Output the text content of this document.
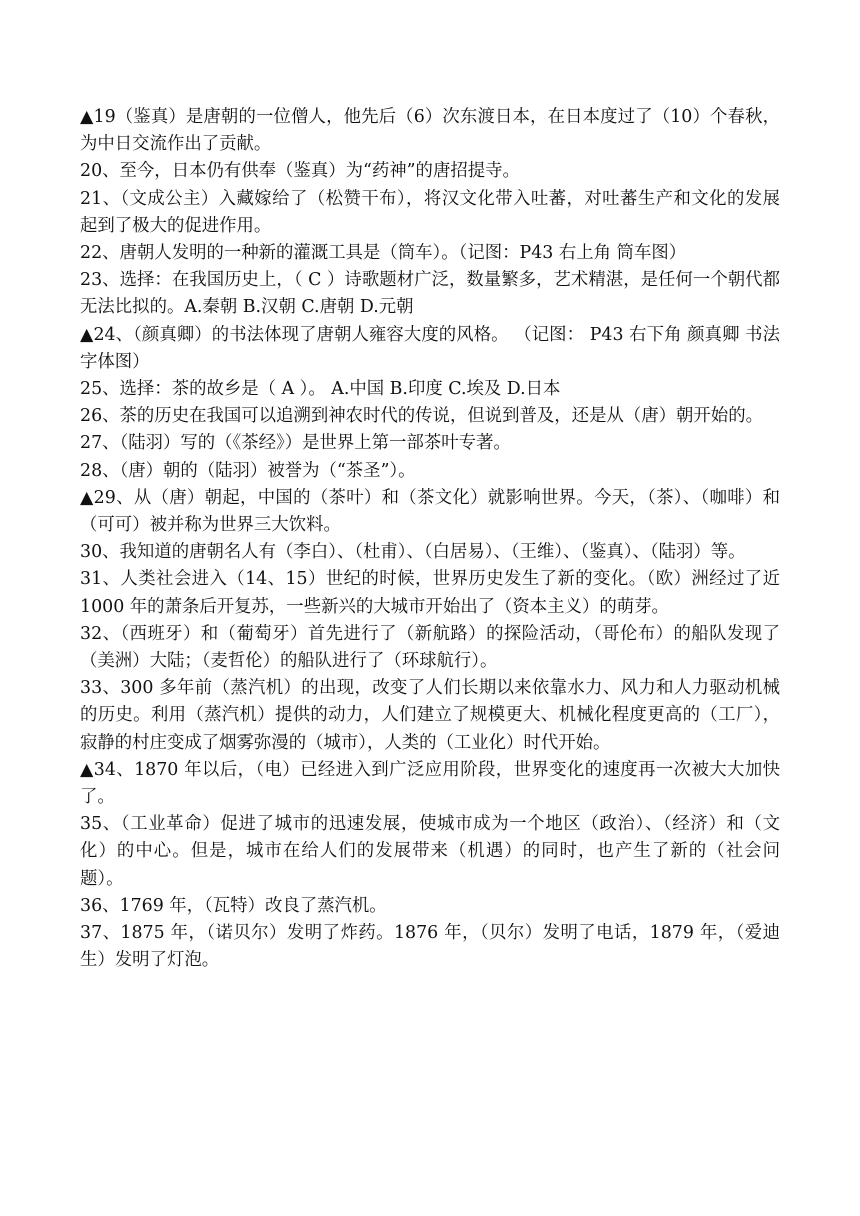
▲19（鉴真）是唐朝的一位僧人，他先后（6）次东渡日本，在日本度过了（10）个春秋，为中日交流作出了贡献。

20、至今，日本仍有供奉（鉴真）为“药神”的唐招提寺。

21、（文成公主）入藏嫁给了（松赞干布），将汉文化带入吐蕃，对吐蕃生产和文化的发展起到了极大的促进作用。

22、唐朝人发明的一种新的灌溉工具是（筒车）。（记图：P43 右上角 筒车图）

23、选择：在我国历史上，（ C ）诗歌题材广泛，数量繁多，艺术精湛，是任何一个朝代都无法比拟的。A.秦朝 B.汉朝 C.唐朝 D.元朝

▲24、（颜真卿）的书法体现了唐朝人雍容大度的风格。 （记图： P43 右下角 颜真卿 书法字体图）

25、选择：茶的故乡是（ A ）。 A.中国 B.印度 C.埃及 D.日本

26、茶的历史在我国可以追溯到神农时代的传说，但说到普及，还是从（唐）朝开始的。

27、（陆羽）写的（《茶经》）是世界上第一部茶叶专著。

28、（唐）朝的（陆羽）被誉为（“茶圣”）。

▲29、从（唐）朝起，中国的（茶叶）和（茶文化）就影响世界。今天，（茶）、（咖啡）和（可可）被并称为世界三大饮料。

30、我知道的唐朝名人有（李白）、（杜甫）、（白居易）、（王维）、（鉴真）、（陆羽）等。

31、人类社会进入（14、15）世纪的时候，世界历史发生了新的变化。（欧）洲经过了近 1000 年的萧条后开复苏，一些新兴的大城市开始出了（资本主义）的萌芽。

32、（西班牙）和（葡萄牙）首先进行了（新航路）的探险活动，（哥伦布）的船队发现了（美洲）大陆；（麦哲伦）的船队进行了（环球航行）。

33、300 多年前（蒸汽机）的出现，改变了人们长期以来依靠水力、风力和人力驱动机械的历史。利用（蒸汽机）提供的动力，人们建立了规模更大、机械化程度更高的（工厂），寂静的村庄变成了烟雾弥漫的（城市），人类的（工业化）时代开始。

▲34、1870 年以后，（电）已经进入到广泛应用阶段，世界变化的速度再一次被大大加快了。

35、（工业革命）促进了城市的迅速发展，使城市成为一个地区（政治）、（经济）和（文化）的中心。但是，城市在给人们的发展带来（机遇）的同时，也产生了新的（社会问题）。

36、1769 年，（瓦特）改良了蒸汽机。

37、1875 年，（诺贝尔）发明了炸药。1876 年，（贝尔）发明了电话，1879 年，（爱迪生）发明了灯泡。
